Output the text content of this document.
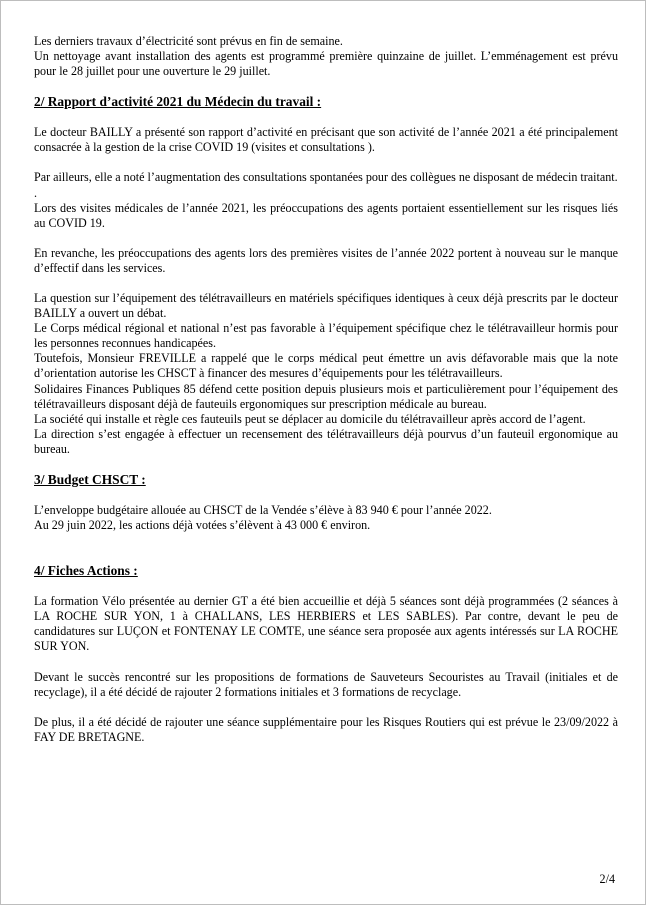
Les derniers travaux d’électricité sont prévus en fin de semaine.

Un nettoyage avant installation des agents est programmé première quinzaine de juillet. L’emménagement est prévu pour le 28 juillet pour une ouverture le 29 juillet.

2/ Rapport d’activité 2021 du Médecin du travail :

Le docteur BAILLY a présenté son rapport d’activité en précisant que son activité de l’année 2021 a été principalement consacrée à la gestion de la crise COVID 19 (visites et consultations ).

Par ailleurs, elle a noté l’augmentation des consultations spontanées pour des collègues ne disposant de médecin traitant.

.

Lors des visites médicales de l’année 2021, les préoccupations des agents portaient essentiellement sur les risques liés au COVID 19.

En revanche, les préoccupations des agents lors des premières visites de l’année 2022 portent à nouveau sur le manque d’effectif dans les services.

La question sur l’équipement des télétravailleurs en matériels spécifiques identiques à ceux déjà prescrits par le docteur BAILLY a ouvert un débat.

Le Corps médical régional et national n’est pas favorable à l’équipement spécifique chez le télétravailleur hormis pour les personnes reconnues handicapées.

Toutefois, Monsieur FREVILLE a rappelé que le corps médical peut émettre un avis défavorable mais que la note d’orientation autorise les CHSCT à financer des mesures d’équipements pour les télétravailleurs.

Solidaires Finances Publiques 85 défend cette position depuis plusieurs mois et particulièrement pour l’équipement des télétravailleurs disposant déjà de fauteuils ergonomiques sur prescription médicale au bureau.

La société qui installe et règle ces fauteuils peut se déplacer au domicile du télétravailleur après accord de l’agent.

La direction s’est engagée à effectuer un recensement des télétravailleurs déjà pourvus d’un fauteuil ergonomique au bureau.

3/ Budget CHSCT :

L’enveloppe budgétaire allouée au CHSCT de la Vendée s’élève à 83 940 € pour l’année 2022.

Au 29 juin 2022, les actions déjà votées s’élèvent à 43 000 € environ.

4/ Fiches Actions :

La formation Vélo présentée au dernier GT a été bien accueillie et déjà 5 séances sont déjà programmées (2 séances à LA ROCHE SUR YON, 1 à CHALLANS, LES HERBIERS et LES SABLES). Par contre, devant le peu de candidatures sur LUÇON et FONTENAY LE COMTE, une séance sera proposée aux agents intéressés sur LA ROCHE SUR YON.

Devant le succès rencontré sur les propositions de formations de Sauveteurs Secouristes au Travail (initiales et de recyclage), il a été décidé de rajouter 2 formations initiales et 3 formations de recyclage.

De plus, il a été décidé de rajouter une séance supplémentaire pour les Risques Routiers qui est prévue le 23/09/2022 à FAY DE BRETAGNE.

2/4
